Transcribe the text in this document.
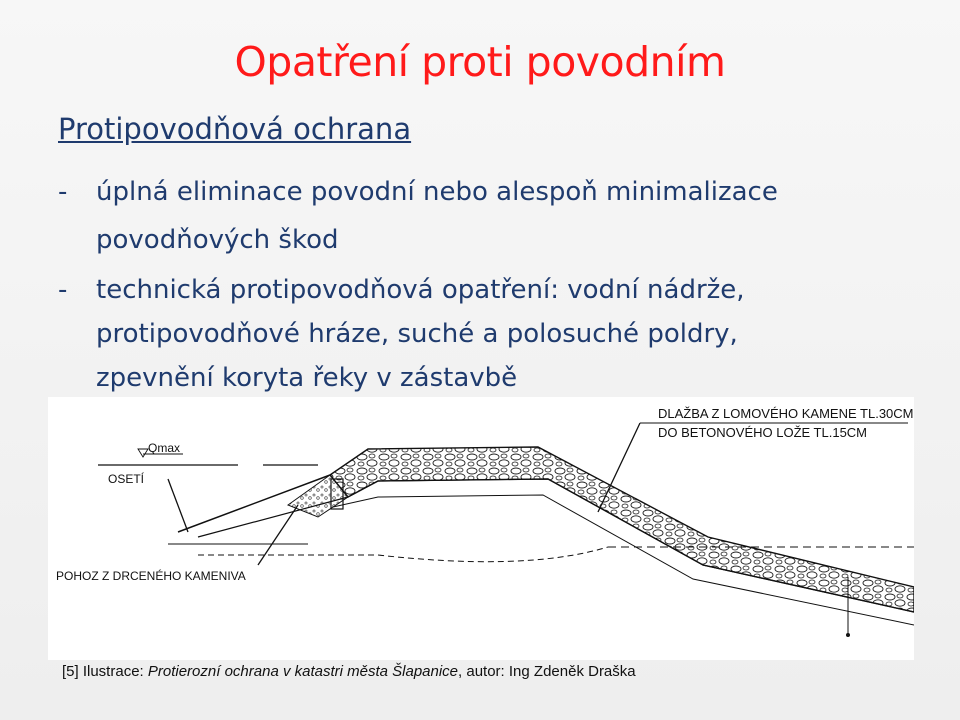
Opatření proti povodním
Protipovodňová ochrana
- úplná eliminace povodní nebo alespoň minimalizace
povodňových škod
- technická protipovodňová opatření: vodní nádrže,
protipovodňové hráze, suché a polosuché poldry,
zpevnění koryta řeky v zástavbě
DLAŽBA Z LOMOVÉHO KAMENE TL.30CM
DO BETONOVÉHO LOŽE TL.15CM
Qmax
OSETÍ
POHOZ Z DRCENÉHO KAMENIVA
[5] Ilustrace: Protierozní ochrana v katastri města Šlapanice, autor: Ing Zdeněk Draška
